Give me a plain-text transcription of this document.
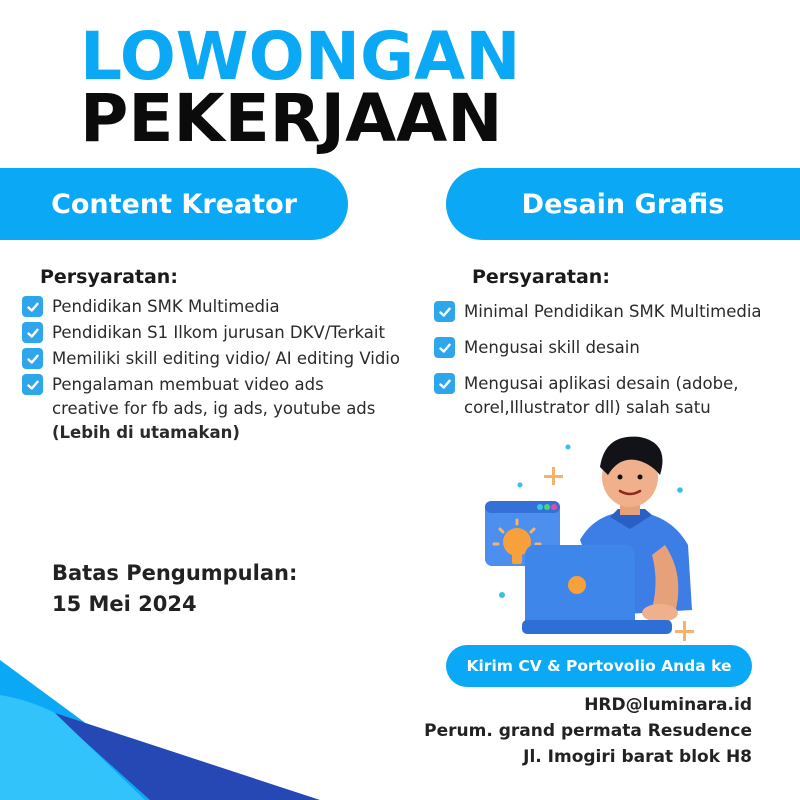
LOWONGAN
PEKERJAAN
Content Kreator	Desain Grafis
Persyaratan:
Pendidikan SMK Multimedia
Pendidikan S1 Ilkom jurusan DKV/Terkait
Memiliki skill editing vidio/ AI editing Vidio
Pengalaman membuat video ads
creative for fb ads, ig ads, youtube ads
(Lebih di utamakan)
Persyaratan:
Minimal Pendidikan SMK Multimedia
Mengusai skill desain
Mengusai aplikasi desain (adobe,
corel,Illustrator dll) salah satu
Batas Pengumpulan:
15 Mei 2024
Kirim CV & Portovolio Anda ke
HRD@luminara.id
Perum. grand permata Resudence
Jl. Imogiri barat blok H8
